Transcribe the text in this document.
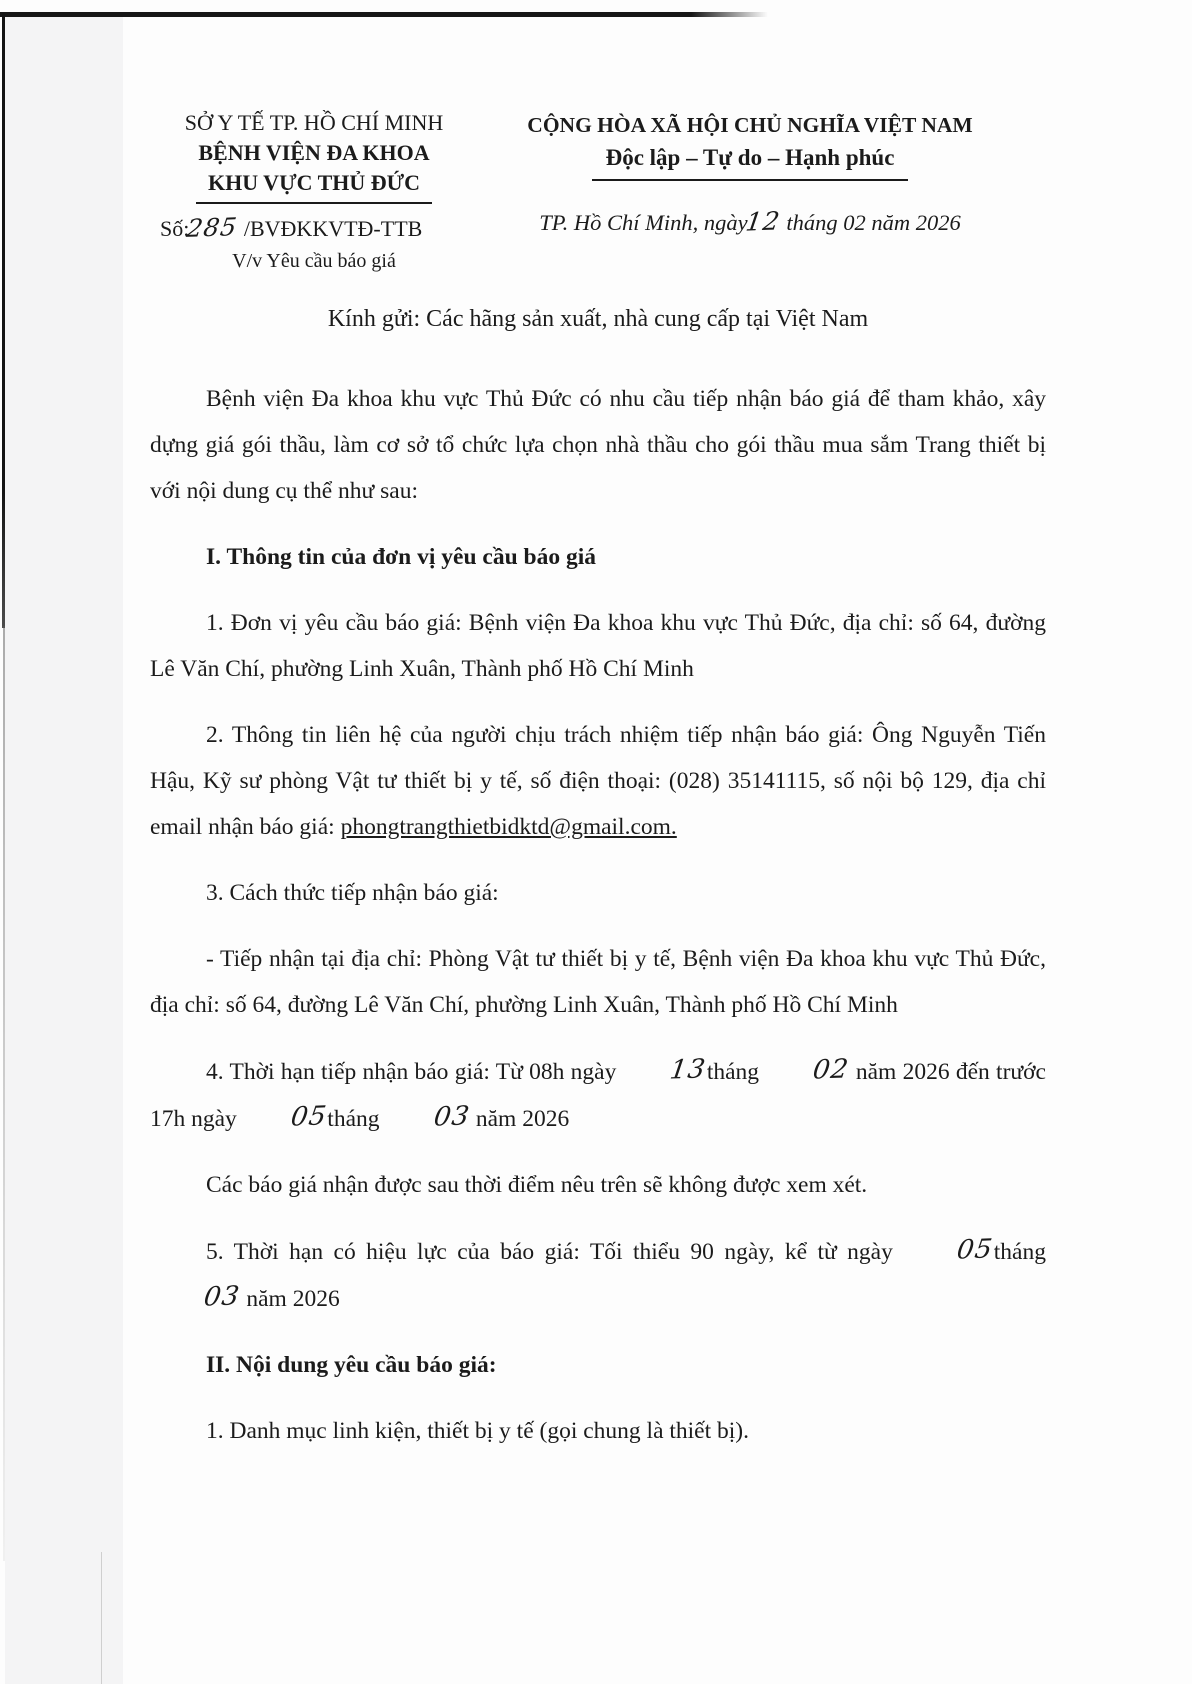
SỞ Y TẾ TP. HỒ CHÍ MINH
BỆNH VIỆN ĐA KHOA
KHU VỰC THỦ ĐỨC
Số:285 /BVĐKKVTĐ-TTB
V/v Yêu cầu báo giá
CỘNG HÒA XÃ HỘI CHỦ NGHĨA VIỆT NAM
Độc lập – Tự do – Hạnh phúc
TP. Hồ Chí Minh, ngày12 tháng 02 năm 2026
Kính gửi: Các hãng sản xuất, nhà cung cấp tại Việt Nam

Bệnh viện Đa khoa khu vực Thủ Đức có nhu cầu tiếp nhận báo giá để tham khảo, xây dựng giá gói thầu, làm cơ sở tổ chức lựa chọn nhà thầu cho gói thầu mua sắm Trang thiết bị với nội dung cụ thể như sau:

I. Thông tin của đơn vị yêu cầu báo giá

1. Đơn vị yêu cầu báo giá: Bệnh viện Đa khoa khu vực Thủ Đức, địa chỉ: số 64, đường Lê Văn Chí, phường Linh Xuân, Thành phố Hồ Chí Minh

2. Thông tin liên hệ của người chịu trách nhiệm tiếp nhận báo giá: Ông Nguyễn Tiến Hậu, Kỹ sư phòng Vật tư thiết bị y tế, số điện thoại: (028) 35141115, số nội bộ 129, địa chỉ email nhận báo giá: phongtrangthietbidktd@gmail.com.

3. Cách thức tiếp nhận báo giá:

- Tiếp nhận tại địa chỉ: Phòng Vật tư thiết bị y tế, Bệnh viện Đa khoa khu vực Thủ Đức, địa chỉ: số 64, đường Lê Văn Chí, phường Linh Xuân, Thành phố Hồ Chí Minh

4. Thời hạn tiếp nhận báo giá: Từ 08h ngày 13tháng 02 năm 2026 đến trước 17h ngày 05tháng 03 năm 2026

Các báo giá nhận được sau thời điểm nêu trên sẽ không được xem xét.

5. Thời hạn có hiệu lực của báo giá: Tối thiểu 90 ngày, kể từ ngày 05tháng 03 năm 2026

II. Nội dung yêu cầu báo giá:

1. Danh mục linh kiện, thiết bị y tế (gọi chung là thiết bị).
